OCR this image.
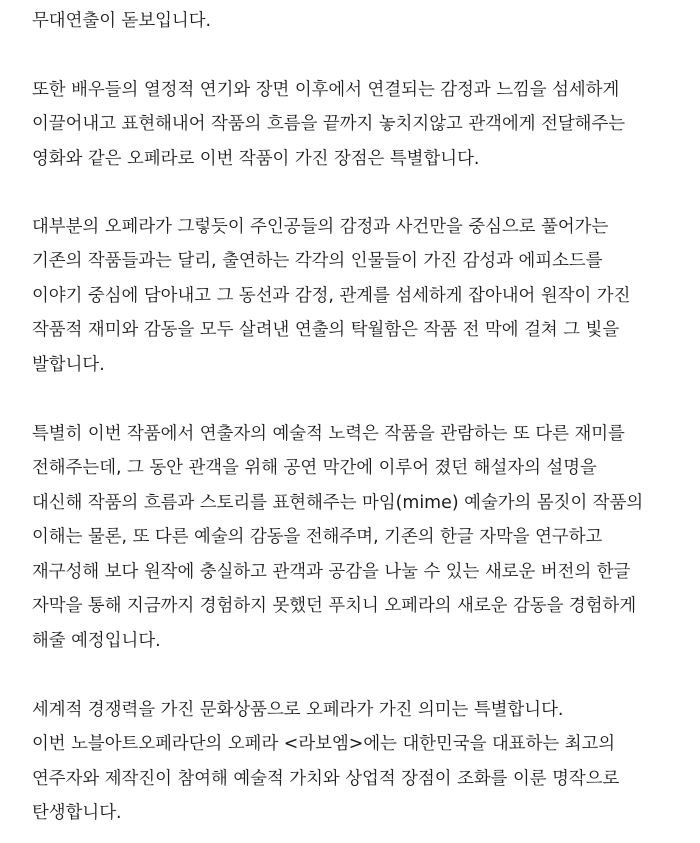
무대연출이 돋보입니다.
또한 배우들의 열정적 연기와 장면 이후에서 연결되는 감정과 느낌을 섬세하게
이끌어내고 표현해내어 작품의 흐름을 끝까지 놓치지않고 관객에게 전달해주는
영화와 같은 오페라로 이번 작품이 가진 장점은 특별합니다.
대부분의 오페라가 그렇듯이 주인공들의 감정과 사건만을 중심으로 풀어가는
기존의 작품들과는 달리, 출연하는 각각의 인물들이 가진 감성과 에피소드를
이야기 중심에 담아내고 그 동선과 감정, 관계를 섬세하게 잡아내어 원작이 가진
작품적 재미와 감동을 모두 살려낸 연출의 탁월함은 작품 전 막에 걸쳐 그 빛을
발합니다.
특별히 이번 작품에서 연출자의 예술적 노력은 작품을 관람하는 또 다른 재미를
전해주는데, 그 동안 관객을 위해 공연 막간에 이루어 졌던 해설자의 설명을
대신해 작품의 흐름과 스토리를 표현해주는 마임(mime) 예술가의 몸짓이 작품의
이해는 물론, 또 다른 예술의 감동을 전해주며, 기존의 한글 자막을 연구하고
재구성해 보다 원작에 충실하고 관객과 공감을 나눌 수 있는 새로운 버전의 한글
자막을 통해 지금까지 경험하지 못했던 푸치니 오페라의 새로운 감동을 경험하게
해줄 예정입니다.
세계적 경쟁력을 가진 문화상품으로 오페라가 가진 의미는 특별합니다.
이번 노블아트오페라단의 오페라 <라보엠>에는 대한민국을 대표하는 최고의
연주자와 제작진이 참여해 예술적 가치와 상업적 장점이 조화를 이룬 명작으로
탄생합니다.
